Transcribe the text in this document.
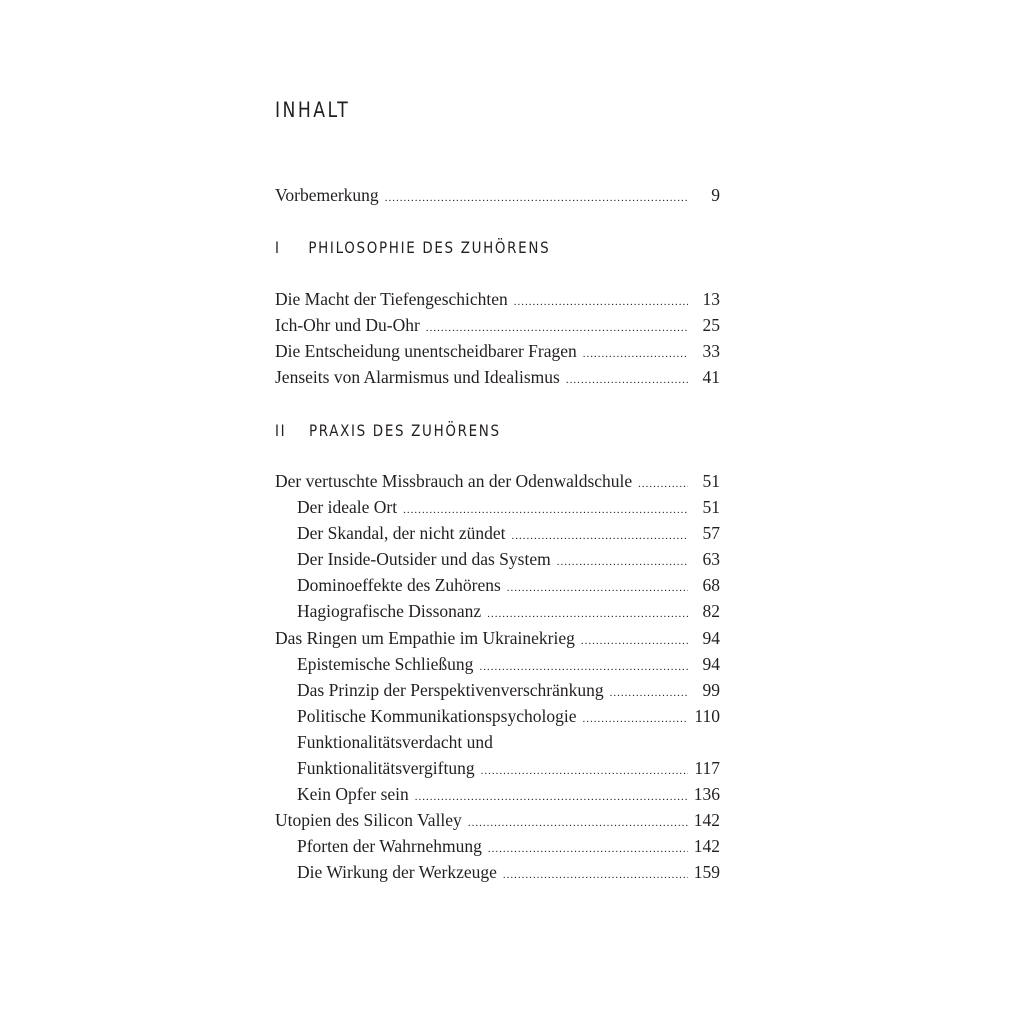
INHALT
Vorbemerkung .....	9
I PHILOSOPHIE DES ZUHÖRENS
Die Macht der Tiefengeschichten .....	13
Ich-Ohr und Du-Ohr .....	25
Die Entscheidung unentscheidbarer Fragen .....	33
Jenseits von Alarmismus und Idealismus .....	41
II PRAXIS DES ZUHÖRENS
Der vertuschte Missbrauch an der Odenwaldschule .....	51
Der ideale Ort .....	51
Der Skandal, der nicht zündet .....	57
Der Inside-Outsider und das System .....	63
Dominoeffekte des Zuhörens .....	68
Hagiografische Dissonanz .....	82
Das Ringen um Empathie im Ukrainekrieg .....	94
Epistemische Schließung .....	94
Das Prinzip der Perspektivenverschränkung .....	99
Politische Kommunikationspsychologie .....	110
Funktionalitätsverdacht und
Funktionalitätsvergiftung .....	117
Kein Opfer sein .....	136
Utopien des Silicon Valley .....	142
Pforten der Wahrnehmung .....	142
Die Wirkung der Werkzeuge .....	159
